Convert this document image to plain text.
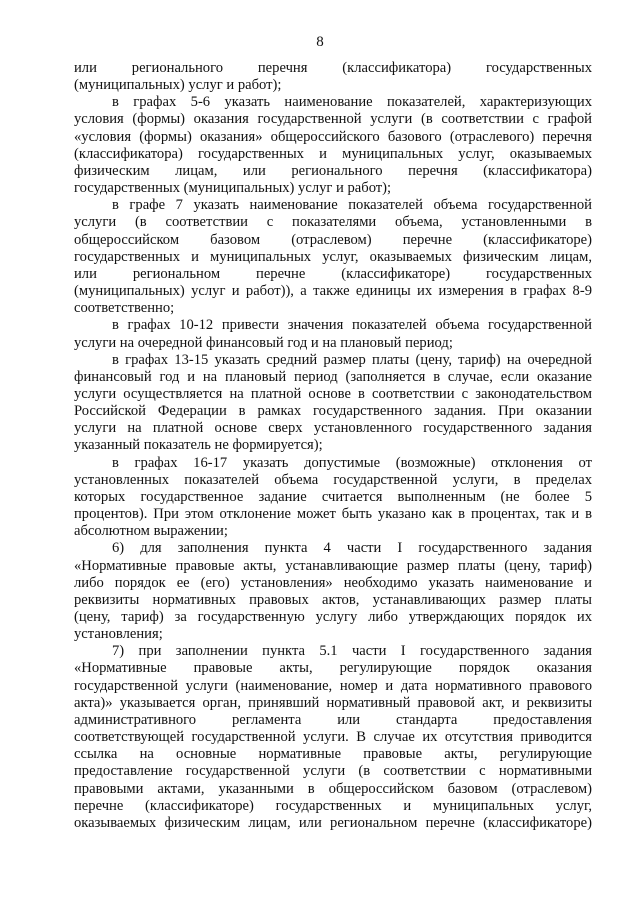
8

или регионального перечня (классификатора) государственных

(муниципальных) услуг и работ);

в графах 5-6 указать наименование показателей, характеризующих

условия (формы) оказания государственной услуги (в соответствии с графой

«условия (формы) оказания» общероссийского базового (отраслевого) перечня

(классификатора) государственных и муниципальных услуг, оказываемых

физическим лицам, или регионального перечня (классификатора)

государственных (муниципальных) услуг и работ);

в графе 7 указать наименование показателей объема государственной

услуги (в соответствии с показателями объема, установленными в

общероссийском базовом (отраслевом) перечне (классификаторе)

государственных и муниципальных услуг, оказываемых физическим лицам,

или региональном перечне (классификаторе) государственных

(муниципальных) услуг и работ)), а также единицы их измерения в графах 8-9

соответственно;

в графах 10-12 привести значения показателей объема государственной

услуги на очередной финансовый год и на плановый период;

в графах 13-15 указать средний размер платы (цену, тариф) на очередной

финансовый год и на плановый период (заполняется в случае, если оказание

услуги осуществляется на платной основе в соответствии с законодательством

Российской Федерации в рамках государственного задания. При оказании

услуги на платной основе сверх установленного государственного задания

указанный показатель не формируется);

в графах 16-17 указать допустимые (возможные) отклонения от

установленных показателей объема государственной услуги, в пределах

которых государственное задание считается выполненным (не более 5

процентов). При этом отклонение может быть указано как в процентах, так и в

абсолютном выражении;

6) для заполнения пункта 4 части I государственного задания

«Нормативные правовые акты, устанавливающие размер платы (цену, тариф)

либо порядок ее (его) установления» необходимо указать наименование и

реквизиты нормативных правовых актов, устанавливающих размер платы

(цену, тариф) за государственную услугу либо утверждающих порядок их

установления;

7) при заполнении пункта 5.1 части I государственного задания

«Нормативные правовые акты, регулирующие порядок оказания

государственной услуги (наименование, номер и дата нормативного правового

акта)» указывается орган, принявший нормативный правовой акт, и реквизиты

административного регламента или стандарта предоставления

соответствующей государственной услуги. В случае их отсутствия приводится

ссылка на основные нормативные правовые акты, регулирующие

предоставление государственной услуги (в соответствии с нормативными

правовыми актами, указанными в общероссийском базовом (отраслевом)

перечне (классификаторе) государственных и муниципальных услуг,

оказываемых физическим лицам, или региональном перечне (классификаторе)
